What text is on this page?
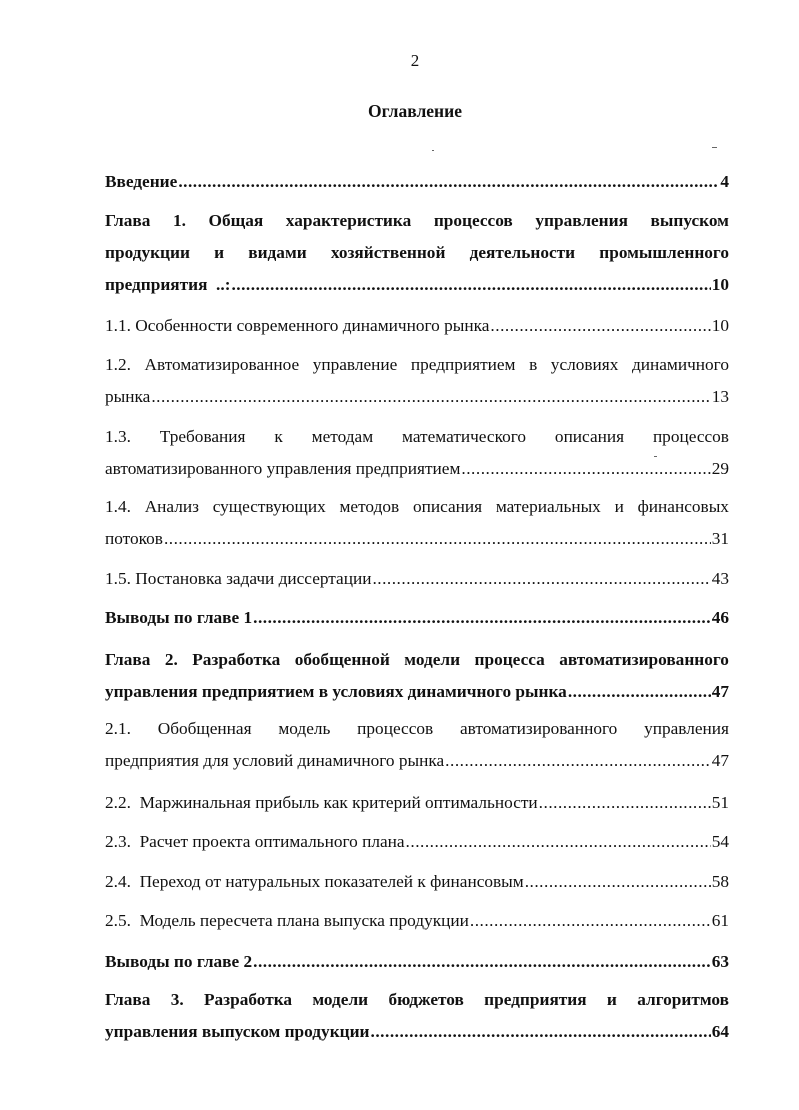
2
Оглавление
Введение .....	4
Глава 1. Общая характеристика процессов управления выпуском
продукции и видами хозяйственной деятельности промышленного
предприятия  ..: .....	10
1.1. Особенности современного динамичного рынка .....	10
1.2. Автоматизированное управление предприятием в условиях динамичного
рынка .....	13
1.3. Требования к методам математического описания процессов
автоматизированного управления предприятием .....	29
1.4. Анализ существующих методов описания материальных и финансовых
потоков .....	31
1.5. Постановка задачи диссертации .....	43
Выводы по главе 1 .....	46
Глава 2. Разработка обобщенной модели процесса автоматизированного
управления предприятием в условиях динамичного рынка .....	47
2.1. Обобщенная модель процессов автоматизированного управления
предприятия для условий динамичного рынка .....	47
2.2.  Маржинальная прибыль как критерий оптимальности .....	51
2.3.  Расчет проекта оптимального плана .....	54
2.4.  Переход от натуральных показателей к финансовым .....	58
2.5.  Модель пересчета плана выпуска продукции .....	61
Выводы по главе 2 .....	63
Глава 3. Разработка модели бюджетов предприятия и алгоритмов
управления выпуском продукции .....	64
